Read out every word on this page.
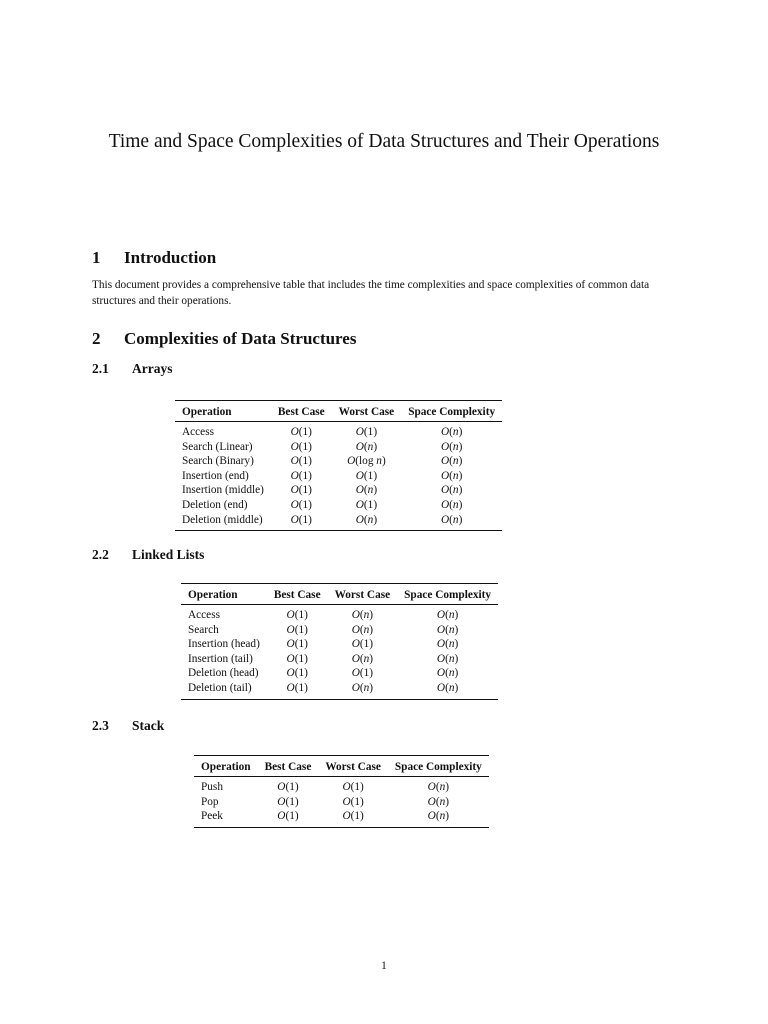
Time and Space Complexities of Data Structures and Their Operations
1 Introduction
This document provides a comprehensive table that includes the time complexities and space complexities of common data structures and their operations.
2 Complexities of Data Structures
2.1 Arrays
Operation	Best Case	Worst Case	Space Complexity
Access	O(1)	O(1)	O(n)
Search (Linear)	O(1)	O(n)	O(n)
Search (Binary)	O(1)	O(log n)	O(n)
Insertion (end)	O(1)	O(1)	O(n)
Insertion (middle)	O(1)	O(n)	O(n)
Deletion (end)	O(1)	O(1)	O(n)
Deletion (middle)	O(1)	O(n)	O(n)
2.2 Linked Lists
Operation	Best Case	Worst Case	Space Complexity
Access	O(1)	O(n)	O(n)
Search	O(1)	O(n)	O(n)
Insertion (head)	O(1)	O(1)	O(n)
Insertion (tail)	O(1)	O(n)	O(n)
Deletion (head)	O(1)	O(1)	O(n)
Deletion (tail)	O(1)	O(n)	O(n)
2.3 Stack
Operation	Best Case	Worst Case	Space Complexity
Push	O(1)	O(1)	O(n)
Pop	O(1)	O(1)	O(n)
Peek	O(1)	O(1)	O(n)
1
